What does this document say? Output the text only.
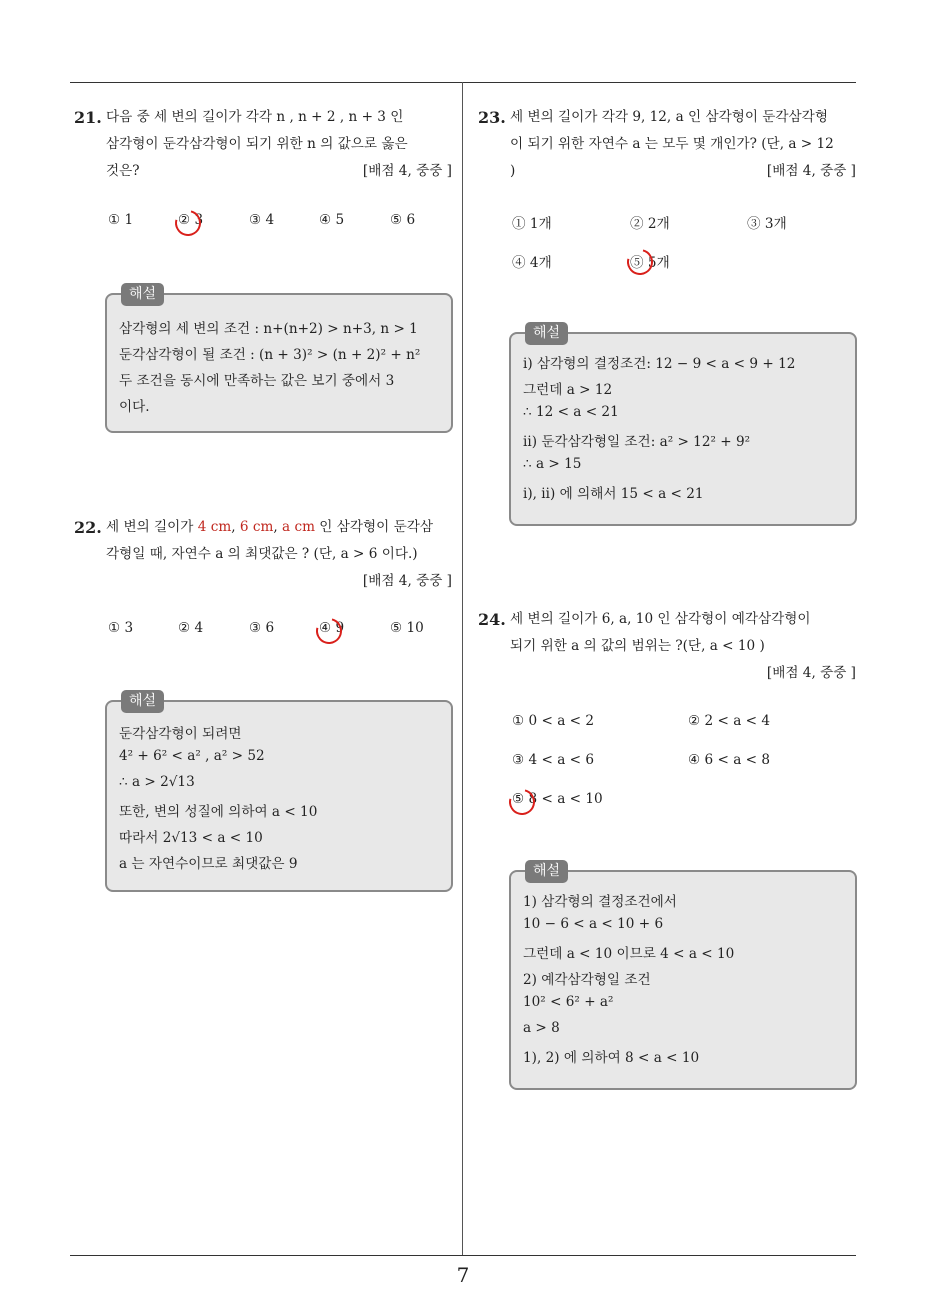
7
21. 다음 중 세 변의 길이가 각각 n , n + 2 , n + 3 인
삼각형이 둔각삼각형이 되기 위한 n 의 값으로 옳은
것은?	[배점 4, 중중 ]
① 1	② 3	③ 4	④ 5	⑤ 6
해설
삼각형의 세 변의 조건 : n+(n+2) > n+3, n > 1
둔각삼각형이 될 조건 : (n + 3)² > (n + 2)² + n²
두 조건을 동시에 만족하는 값은 보기 중에서 3
이다.
22. 세 변의 길이가 4 cm, 6 cm, a cm 인 삼각형이 둔각삼
각형일 때, 자연수 a 의 최댓값은 ? (단, a > 6 이다.)
[배점 4, 중중 ]
① 3	② 4	③ 6	④ 9	⑤ 10
해설
둔각삼각형이 되려면
4² + 6² < a² , a² > 52
∴ a > 2√13
또한, 변의 성질에 의하여 a < 10
따라서 2√13 < a < 10
a 는 자연수이므로 최댓값은 9
23. 세 변의 길이가 각각 9, 12, a 인 삼각형이 둔각삼각형
이 되기 위한 자연수 a 는 모두 몇 개인가? (단, a > 12
)	[배점 4, 중중 ]
① 1개	② 2개	③ 3개
④ 4개	⑤ 5개
해설
ⅰ) 삼각형의 결정조건: 12 − 9 < a < 9 + 12
그런데 a > 12
∴ 12 < a < 21
ⅱ) 둔각삼각형일 조건: a² > 12² + 9²
∴ a > 15
ⅰ), ⅱ) 에 의해서 15 < a < 21
24. 세 변의 길이가 6, a, 10 인 삼각형이 예각삼각형이
되기 위한 a 의 값의 범위는 ?(단, a < 10 )
[배점 4, 중중 ]
① 0 < a < 2	② 2 < a < 4
③ 4 < a < 6	④ 6 < a < 8
⑤ 8 < a < 10
해설
1) 삼각형의 결정조건에서
10 − 6 < a < 10 + 6
그런데 a < 10 이므로 4 < a < 10
2) 예각삼각형일 조건
10² < 6² + a²
a > 8
1), 2) 에 의하여 8 < a < 10
